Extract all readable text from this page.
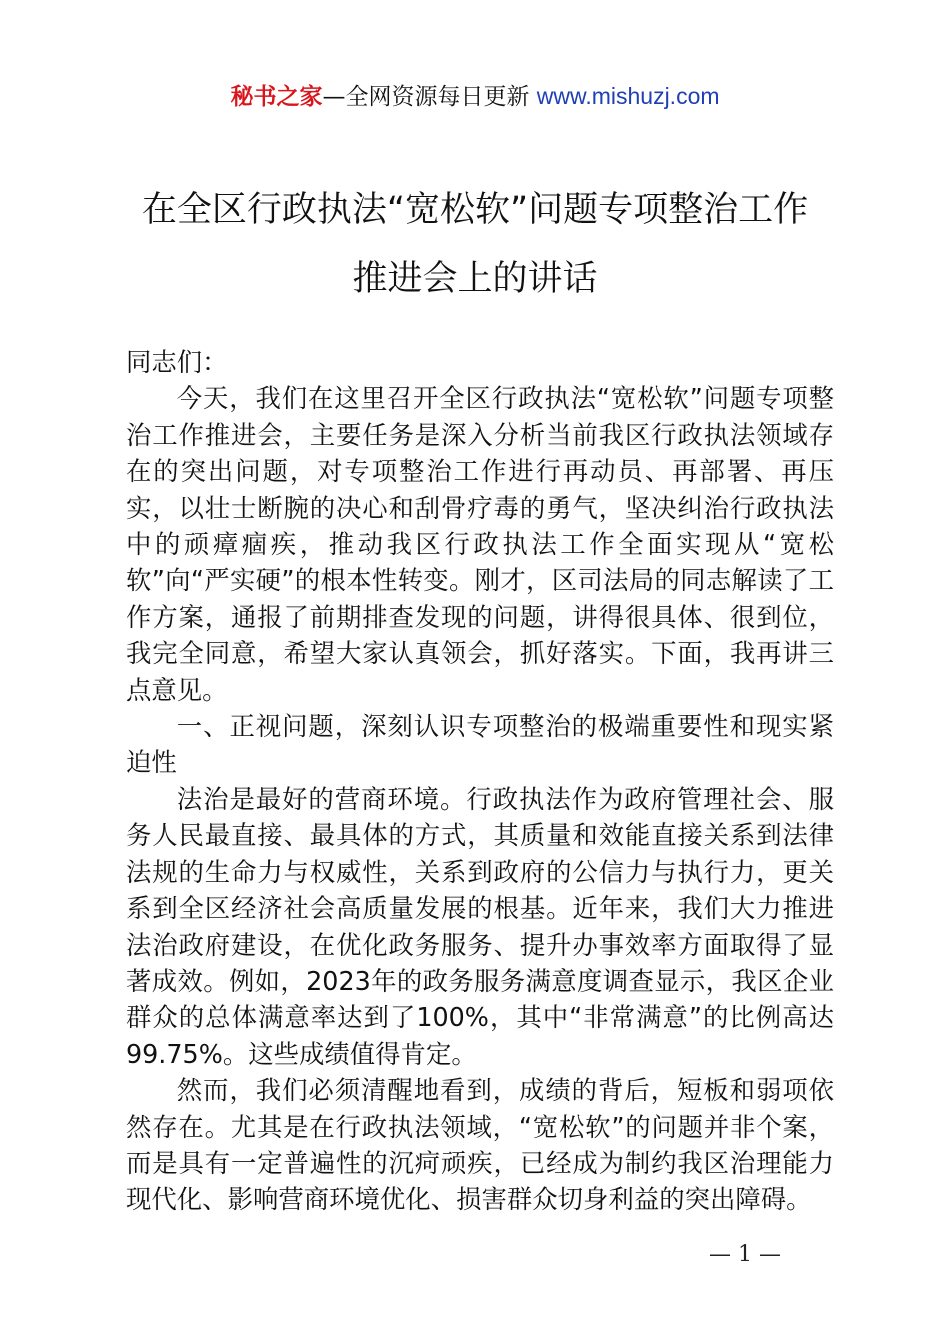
秘书之家—全网资源每日更新 www.mishuzj.com
在全区行政执法“宽松软”问题专项整治工作
推进会上的讲话

同志们：

今天，我们在这里召开全区行政执法“宽松软”问题专项整治工作推进会，主要任务是深入分析当前我区行政执法领域存在的突出问题，对专项整治工作进行再动员、再部署、再压实，以壮士断腕的决心和刮骨疗毒的勇气，坚决纠治行政执法中的顽瘴痼疾，推动我区行政执法工作全面实现从“宽松软”向“严实硬”的根本性转变。刚才，区司法局的同志解读了工作方案，通报了前期排查发现的问题，讲得很具体、很到位，我完全同意，希望大家认真领会，抓好落实。下面，我再讲三点意见。

一、正视问题，深刻认识专项整治的极端重要性和现实紧迫性

法治是最好的营商环境。行政执法作为政府管理社会、服务人民最直接、最具体的方式，其质量和效能直接关系到法律法规的生命力与权威性，关系到政府的公信力与执行力，更关系到全区经济社会高质量发展的根基。近年来，我们大力推进法治政府建设，在优化政务服务、提升办事效率方面取得了显著成效。例如，2023年的政务服务满意度调查显示，我区企业群众的总体满意率达到了100%，其中“非常满意”的比例高达99.75%。这些成绩值得肯定。

然而，我们必须清醒地看到，成绩的背后，短板和弱项依然存在。尤其是在行政执法领域，“宽松软”的问题并非个案，而是具有一定普遍性的沉疴顽疾，已经成为制约我区治理能力现代化、影响营商环境优化、损害群众切身利益的突出障碍。

— 1 —
